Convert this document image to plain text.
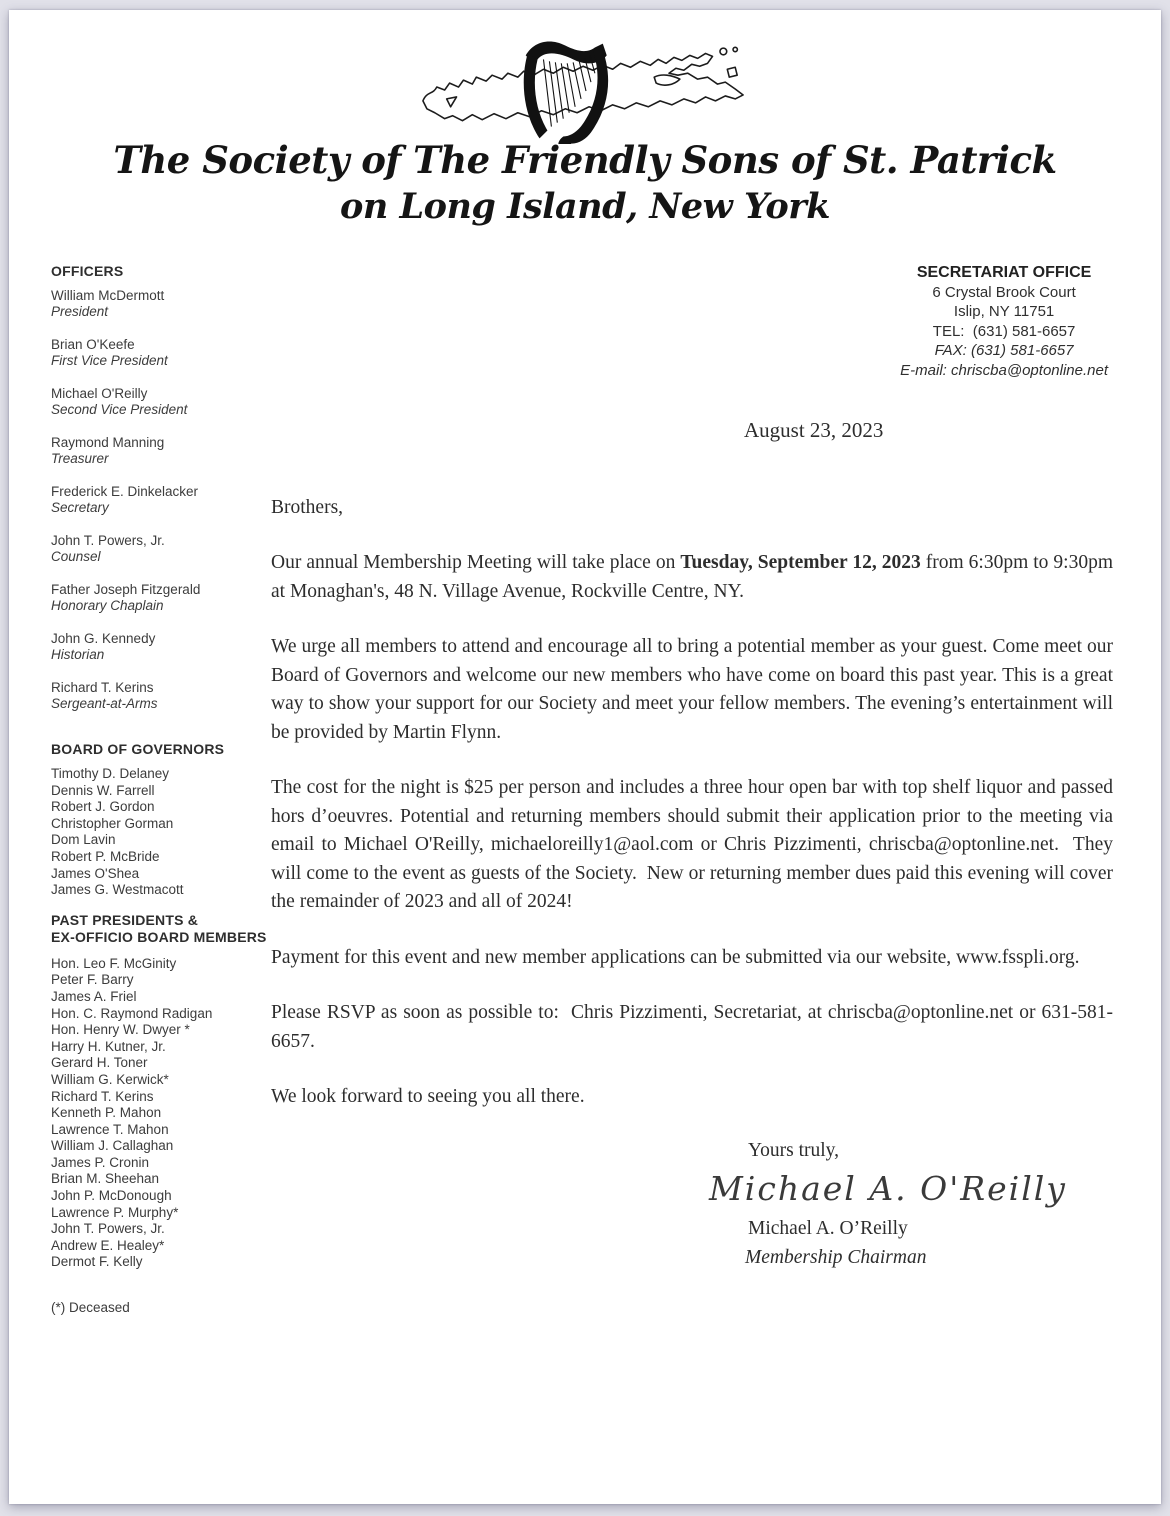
The Society of The Friendly Sons of St. Patrick
on Long Island, New York
OFFICERS
William McDermott
President
Brian O'Keefe
First Vice President
Michael O'Reilly
Second Vice President
Raymond Manning
Treasurer
Frederick E. Dinkelacker
Secretary
John T. Powers, Jr.
Counsel
Father Joseph Fitzgerald
Honorary Chaplain
John G. Kennedy
Historian
Richard T. Kerins
Sergeant-at-Arms
BOARD OF GOVERNORS
Timothy D. Delaney
Dennis W. Farrell
Robert J. Gordon
Christopher Gorman
Dom Lavin
Robert P. McBride
James O'Shea
James G. Westmacott
PAST PRESIDENTS &
EX-OFFICIO BOARD MEMBERS
Hon. Leo F. McGinity
Peter F. Barry
James A. Friel
Hon. C. Raymond Radigan
Hon. Henry W. Dwyer *
Harry H. Kutner, Jr.
Gerard H. Toner
William G. Kerwick*
Richard T. Kerins
Kenneth P. Mahon
Lawrence T. Mahon
William J. Callaghan
James P. Cronin
Brian M. Sheehan
John P. McDonough
Lawrence P. Murphy*
John T. Powers, Jr.
Andrew E. Healey*
Dermot F. Kelly
(*) Deceased
SECRETARIAT OFFICE
6 Crystal Brook Court
Islip, NY 11751
TEL:  (631) 581-6657
FAX: (631) 581-6657
E-mail: chriscba@optonline.net
August 23, 2023
Brothers,
Our annual Membership Meeting will take place on Tuesday, September 12, 2023 from 6:30pm to 9:30pm at Monaghan's, 48 N. Village Avenue, Rockville Centre, NY.
We urge all members to attend and encourage all to bring a potential member as your guest. Come meet our Board of Governors and welcome our new members who have come on board this past year. This is a great way to show your support for our Society and meet your fellow members. The evening’s entertainment will be provided by Martin Flynn.
The cost for the night is $25 per person and includes a three hour open bar with top shelf liquor and passed hors d’oeuvres. Potential and returning members should submit their application prior to the meeting via email to Michael O'Reilly, michaeloreilly1@aol.com or Chris Pizzimenti, chriscba@optonline.net.  They will come to the event as guests of the Society.  New or returning member dues paid this evening will cover the remainder of 2023 and all of 2024!
Payment for this event and new member applications can be submitted via our website, www.fsspli.org.
Please RSVP as soon as possible to:  Chris Pizzimenti, Secretariat, at chriscba@optonline.net or 631-581-6657.
We look forward to seeing you all there.
Yours truly,
Michael A. O'Reilly
Michael A. O’Reilly
Membership Chairman
